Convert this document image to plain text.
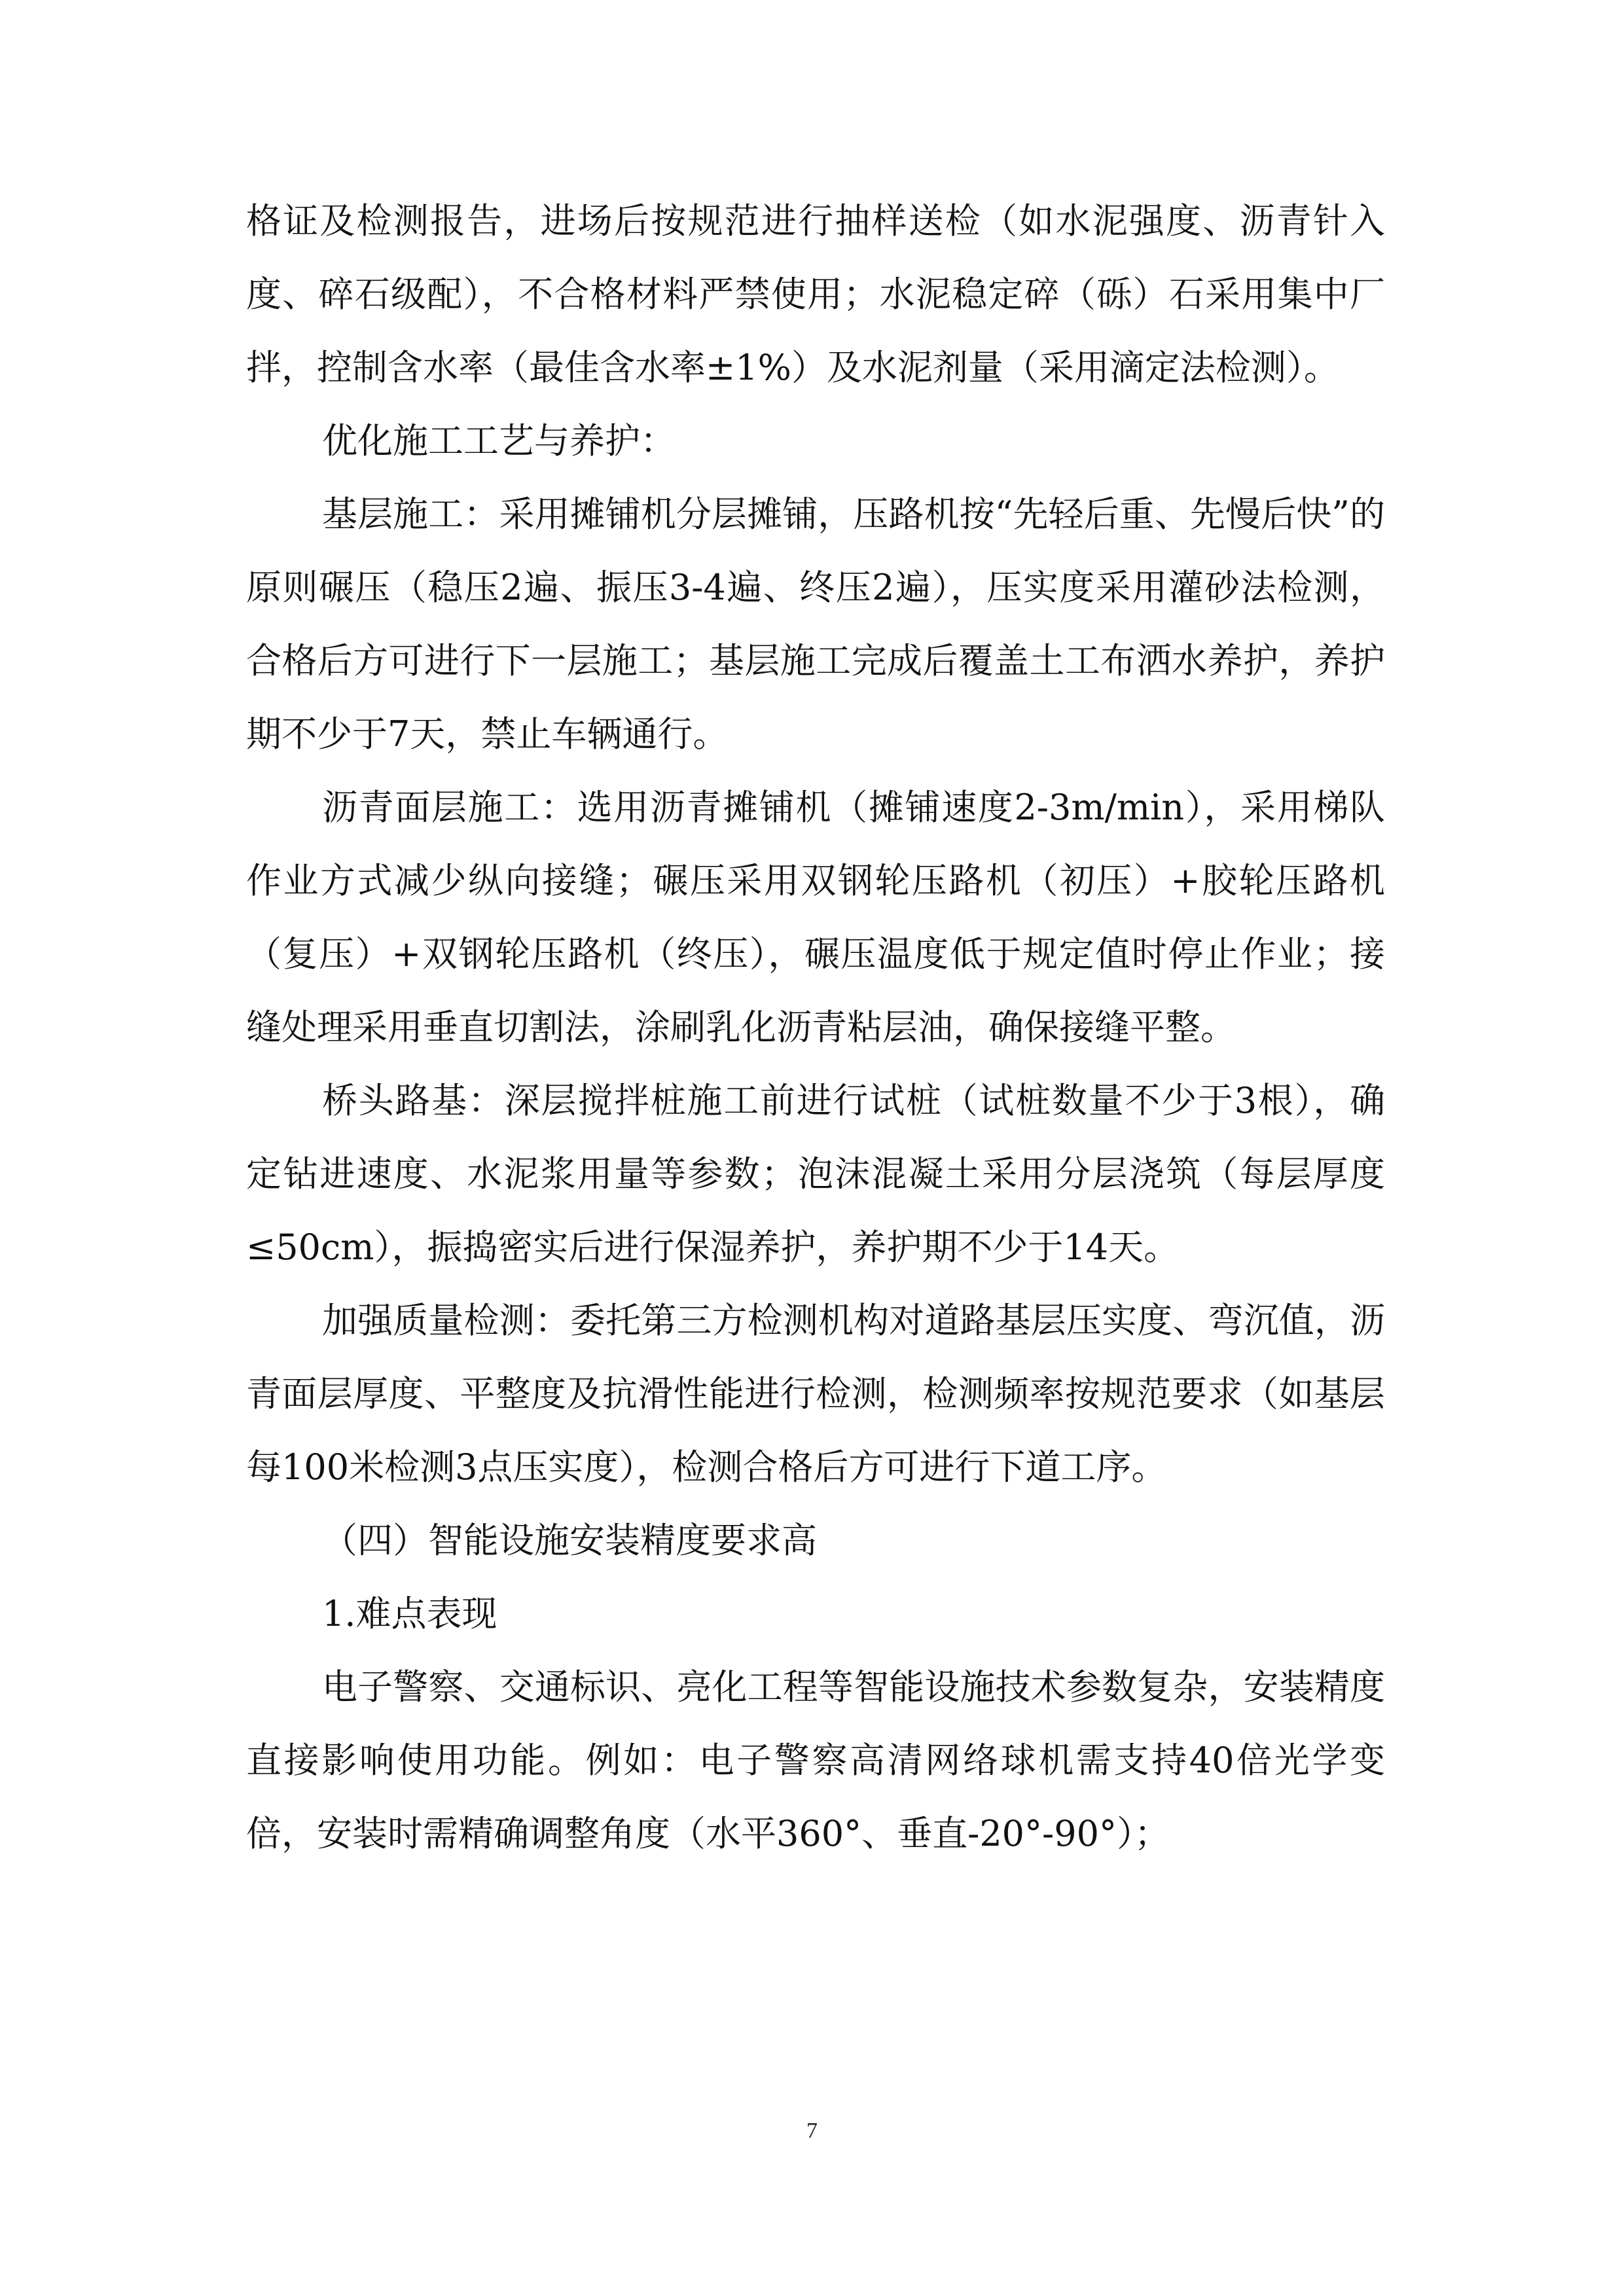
格证及检测报告，进场后按规范进行抽样送检（如水泥强度、沥青针入度、碎石级配），不合格材料严禁使用；水泥稳定碎（砾）石采用集中厂拌，控制含水率（最佳含水率±1%）及水泥剂量（采用滴定法检测）。

优化施工工艺与养护：

基层施工：采用摊铺机分层摊铺，压路机按“先轻后重、先慢后快”的原则碾压（稳压2遍、振压3-4遍、终压2遍），压实度采用灌砂法检测，合格后方可进行下一层施工；基层施工完成后覆盖土工布洒水养护，养护期不少于7天，禁止车辆通行。

沥青面层施工：选用沥青摊铺机（摊铺速度2-3m/min），采用梯队作业方式减少纵向接缝；碾压采用双钢轮压路机（初压）+胶轮压路机（复压）+双钢轮压路机（终压），碾压温度低于规定值时停止作业；接缝处理采用垂直切割法，涂刷乳化沥青粘层油，确保接缝平整。

桥头路基：深层搅拌桩施工前进行试桩（试桩数量不少于3根），确定钻进速度、水泥浆用量等参数；泡沫混凝土采用分层浇筑（每层厚度≤50cm），振捣密实后进行保湿养护，养护期不少于14天。

加强质量检测：委托第三方检测机构对道路基层压实度、弯沉值，沥青面层厚度、平整度及抗滑性能进行检测，检测频率按规范要求（如基层每100米检测3点压实度），检测合格后方可进行下道工序。

（四）智能设施安装精度要求高

1.难点表现

电子警察、交通标识、亮化工程等智能设施技术参数复杂，安装精度直接影响使用功能。例如：电子警察高清网络球机需支持40倍光学变倍，安装时需精确调整角度（水平360°、垂直-20°-90°）；

7
